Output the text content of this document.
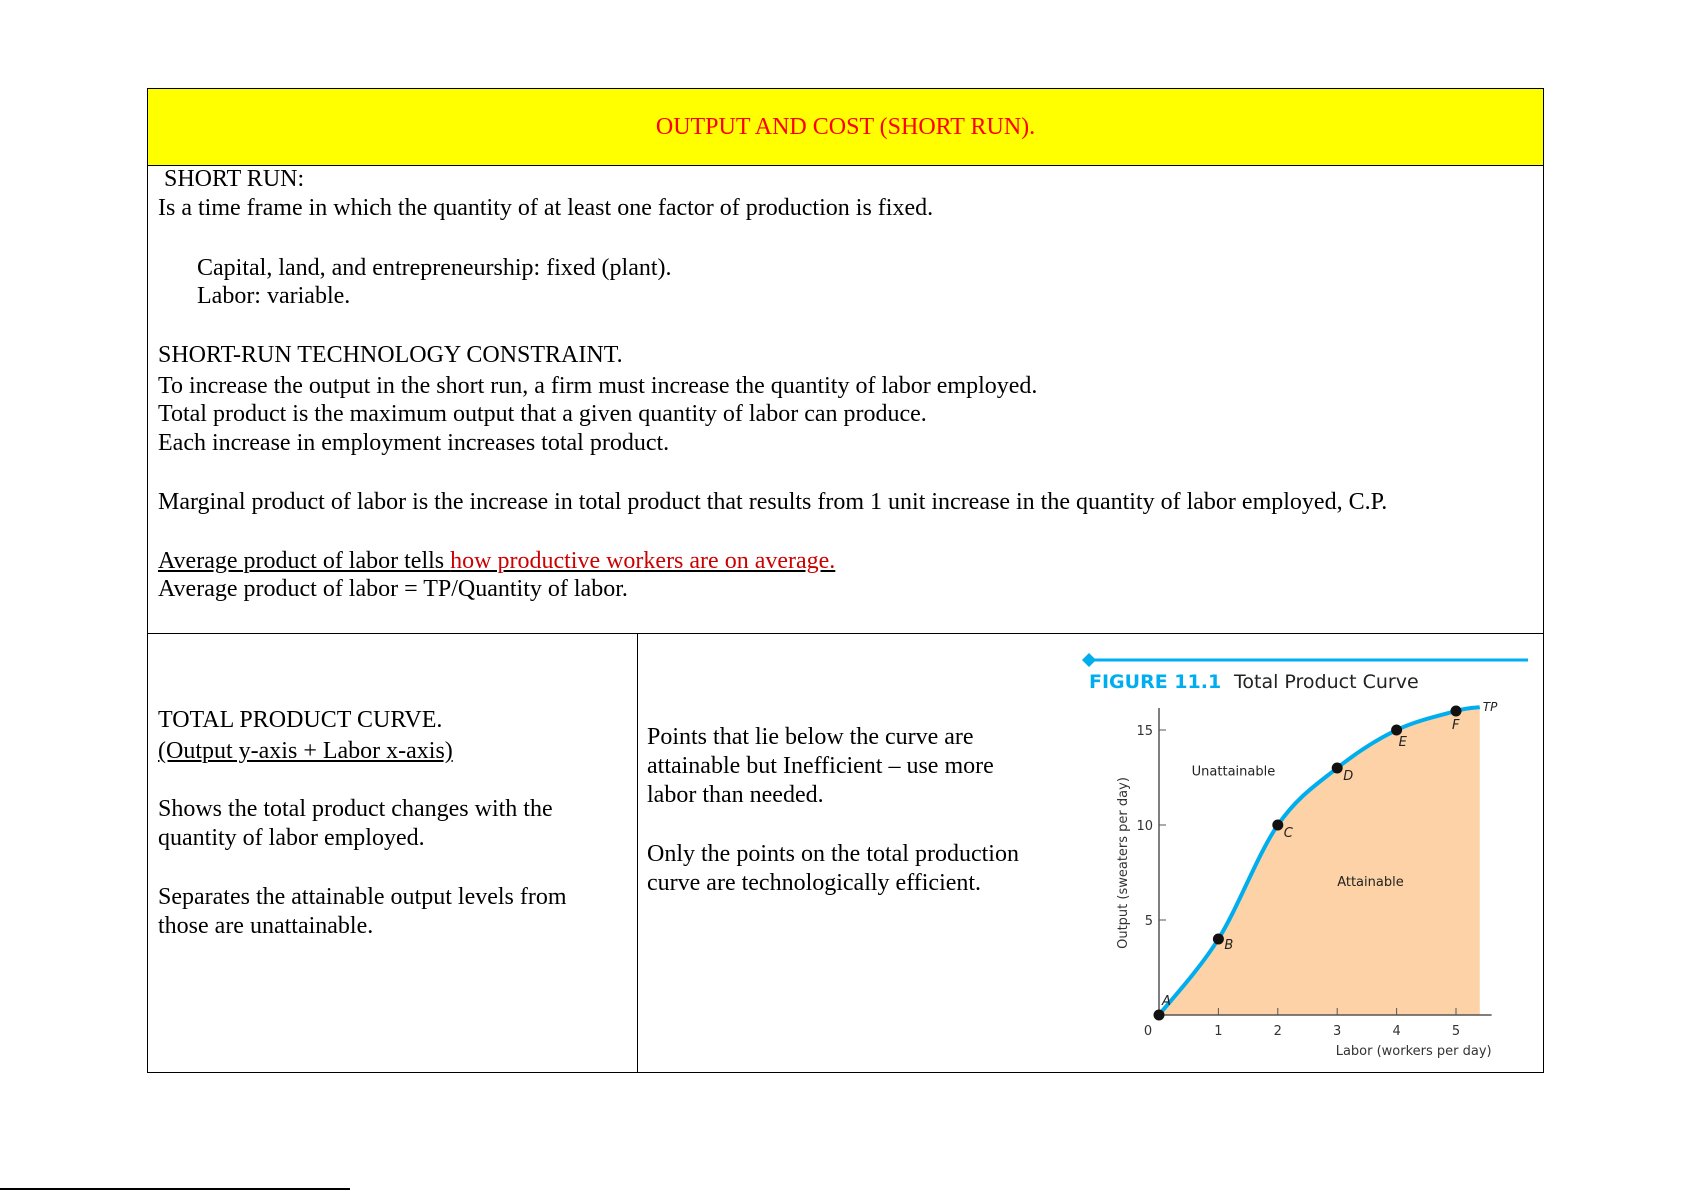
OUTPUT AND COST (SHORT RUN).
SHORT RUN:
Is a time frame in which the quantity of at least one factor of production is fixed.
Capital, land, and entrepreneurship: fixed (plant).
Labor: variable.
SHORT-RUN TECHNOLOGY CONSTRAINT.
To increase the output in the short run, a firm must increase the quantity of labor employed.
Total product is the maximum output that a given quantity of labor can produce.
Each increase in employment increases total product.
Marginal product of labor is the increase in total product that results from 1 unit increase in the quantity of labor employed, C.P.
Average product of labor tells how productive workers are on average.
Average product of labor = TP/Quantity of labor.
TOTAL PRODUCT CURVE.
(Output y-axis + Labor x-axis)
Shows the total product changes with the
quantity of labor employed.
Separates the attainable output levels from
those are unattainable.
Points that lie below the curve are
attainable but Inefficient – use more
labor than needed.
Only the points on the total production
curve are technologically efficient.
FIGURE 11.1 Total Product Curve
0	1	2	3	4	5
5
10
15
Labor (workers per day)
Output (sweaters per day)
A
B
C
D
E
F
TP
Unattainable
Attainable
